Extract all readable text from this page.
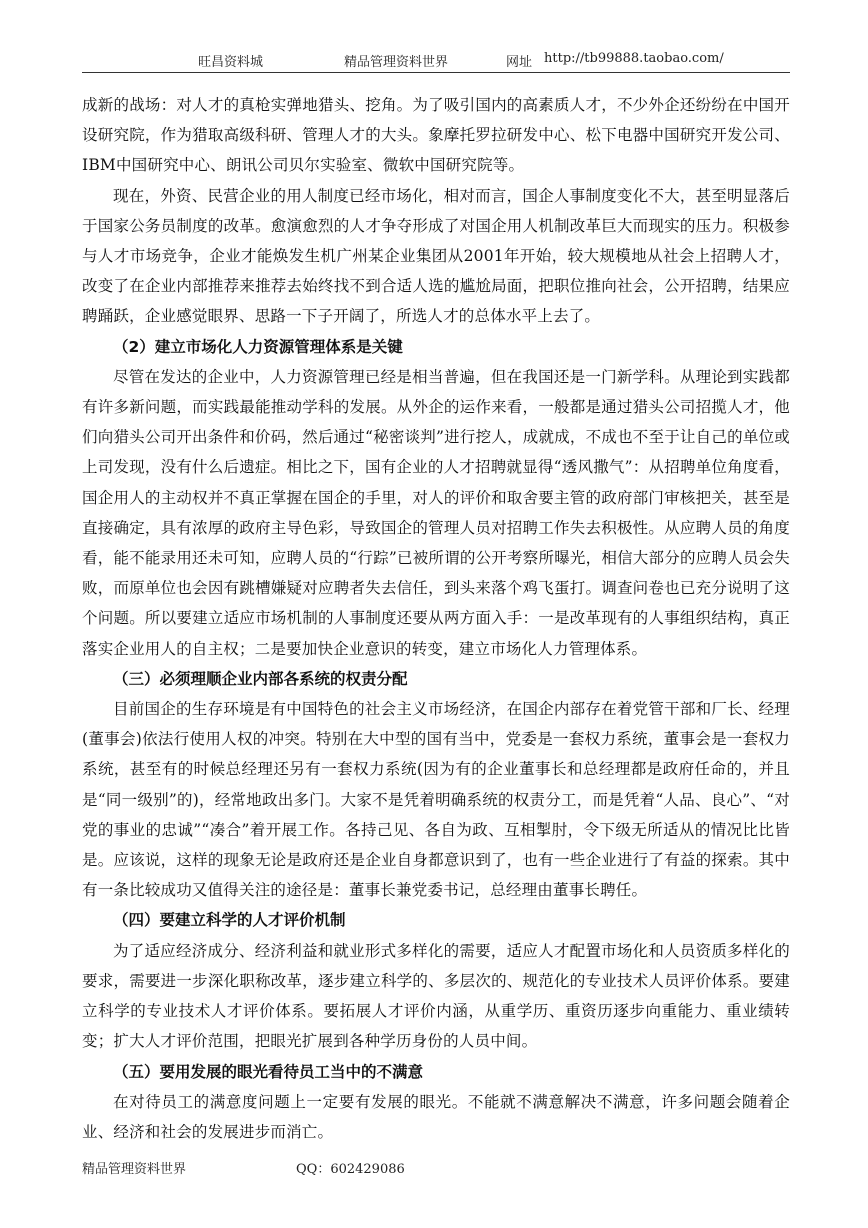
旺昌资料城	精品管理资料世界	网址 http://tb99888.taobao.com/

成新的战场：对人才的真枪实弹地猎头、挖角。为了吸引国内的高素质人才，不少外企还纷纷在中国开设研究院，作为猎取高级科研、管理人才的大头。象摩托罗拉研发中心、松下电器中国研究开发公司、IBM中国研究中心、朗讯公司贝尔实验室、微软中国研究院等。

现在，外资、民营企业的用人制度已经市场化，相对而言，国企人事制度变化不大，甚至明显落后于国家公务员制度的改革。愈演愈烈的人才争夺形成了对国企用人机制改革巨大而现实的压力。积极参与人才市场竞争，企业才能焕发生机广州某企业集团从2001年开始，较大规模地从社会上招聘人才，改变了在企业内部推荐来推荐去始终找不到合适人选的尴尬局面，把职位推向社会，公开招聘，结果应聘踊跃，企业感觉眼界、思路一下子开阔了，所选人才的总体水平上去了。

（2）建立市场化人力资源管理体系是关键

尽管在发达的企业中，人力资源管理已经是相当普遍，但在我国还是一门新学科。从理论到实践都有许多新问题，而实践最能推动学科的发展。从外企的运作来看，一般都是通过猎头公司招揽人才，他们向猎头公司开出条件和价码，然后通过“秘密谈判”进行挖人，成就成，不成也不至于让自己的单位或上司发现，没有什么后遗症。相比之下，国有企业的人才招聘就显得“透风撒气”：从招聘单位角度看，国企用人的主动权并不真正掌握在国企的手里，对人的评价和取舍要主管的政府部门审核把关，甚至是直接确定，具有浓厚的政府主导色彩，导致国企的管理人员对招聘工作失去积极性。从应聘人员的角度看，能不能录用还未可知，应聘人员的“行踪”已被所谓的公开考察所曝光，相信大部分的应聘人员会失败，而原单位也会因有跳槽嫌疑对应聘者失去信任，到头来落个鸡飞蛋打。调查问卷也已充分说明了这个问题。所以要建立适应市场机制的人事制度还要从两方面入手：一是改革现有的人事组织结构，真正落实企业用人的自主权；二是要加快企业意识的转变，建立市场化人力管理体系。

（三）必须理顺企业内部各系统的权责分配

目前国企的生存环境是有中国特色的社会主义市场经济，在国企内部存在着党管干部和厂长、经理(董事会)依法行使用人权的冲突。特别在大中型的国有当中，党委是一套权力系统，董事会是一套权力系统，甚至有的时候总经理还另有一套权力系统(因为有的企业董事长和总经理都是政府任命的，并且是“同一级别”的)，经常地政出多门。大家不是凭着明确系统的权责分工，而是凭着“人品、良心”、“对党的事业的忠诚”“凑合”着开展工作。各持己见、各自为政、互相掣肘，令下级无所适从的情况比比皆是。应该说，这样的现象无论是政府还是企业自身都意识到了，也有一些企业进行了有益的探索。其中有一条比较成功又值得关注的途径是：董事长兼党委书记，总经理由董事长聘任。

（四）要建立科学的人才评价机制

为了适应经济成分、经济利益和就业形式多样化的需要，适应人才配置市场化和人员资质多样化的要求，需要进一步深化职称改革，逐步建立科学的、多层次的、规范化的专业技术人员评价体系。要建立科学的专业技术人才评价体系。要拓展人才评价内涵，从重学历、重资历逐步向重能力、重业绩转变；扩大人才评价范围，把眼光扩展到各种学历身份的人员中间。

（五）要用发展的眼光看待员工当中的不满意

在对待员工的满意度问题上一定要有发展的眼光。不能就不满意解决不满意，许多问题会随着企业、经济和社会的发展进步而消亡。

精品管理资料世界	QQ：602429086
